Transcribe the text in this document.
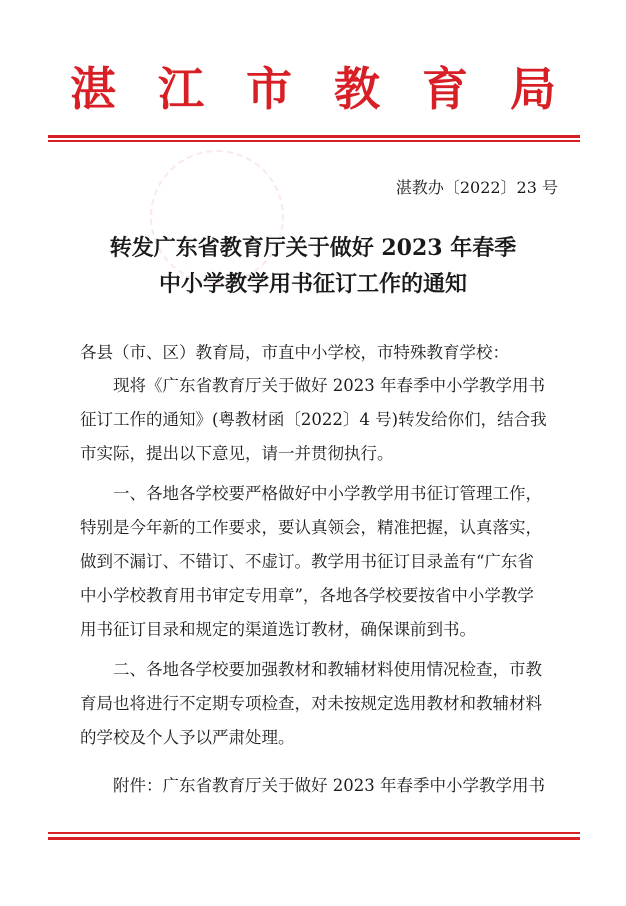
湛 江 市 教 育 局
湛教办〔2022〕23 号
转发广东省教育厅关于做好 2023 年春季
中小学教学用书征订工作的通知
各县（市、区）教育局，市直中小学校，市特殊教育学校：
现将《广东省教育厅关于做好 2023 年春季中小学教学用书
征订工作的通知》(粤教材函〔2022〕4 号)转发给你们，结合我
市实际，提出以下意见，请一并贯彻执行。
一、各地各学校要严格做好中小学教学用书征订管理工作，
特别是今年新的工作要求，要认真领会，精准把握，认真落实，
做到不漏订、不错订、不虚订。教学用书征订目录盖有“广东省
中小学校教育用书审定专用章”，各地各学校要按省中小学教学
用书征订目录和规定的渠道选订教材，确保课前到书。
二、各地各学校要加强教材和教辅材料使用情况检查，市教
育局也将进行不定期专项检查，对未按规定选用教材和教辅材料
的学校及个人予以严肃处理。
附件：广东省教育厅关于做好 2023 年春季中小学教学用书
